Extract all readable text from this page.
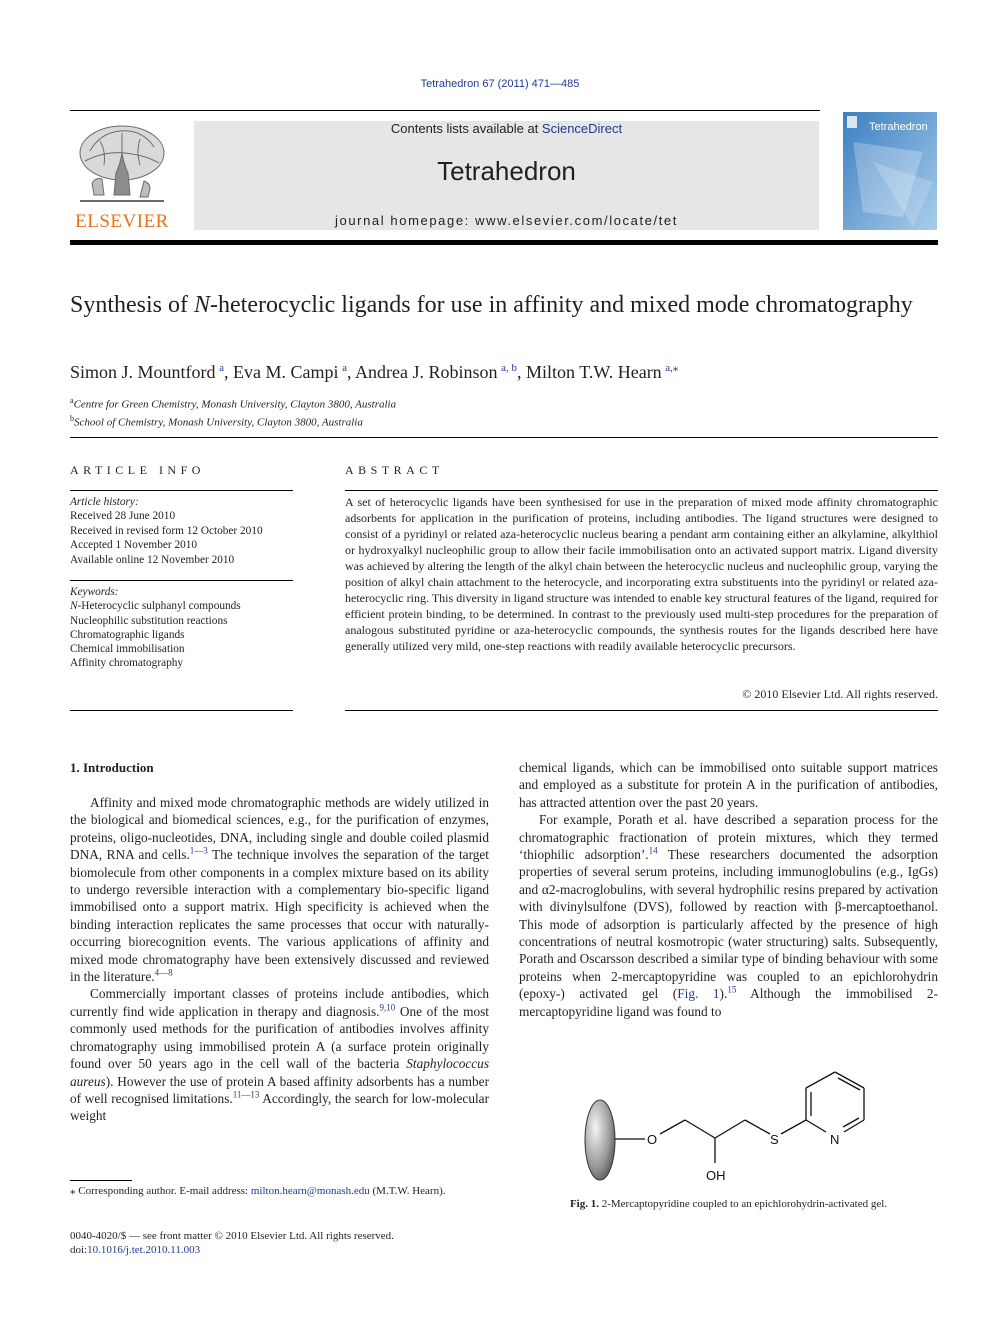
Tetrahedron 67 (2011) 471—485
ELSEVIER
Contents lists available at ScienceDirect
Tetrahedron
journal homepage: www.elsevier.com/locate/tet
Tetrahedron
Synthesis of N-heterocyclic ligands for use in affinity and mixed mode chromatography
Simon J. Mountford  $^a$, Eva M. Campi  $^a$, Andrea J. Robinson  $^{a, b}$, Milton T.W. Hearn  $^{a,⁎}$
$^a$Centre for Green Chemistry, Monash University, Clayton 3800, Australia
$^b$School of Chemistry, Monash University, Clayton 3800, Australia
ARTICLE INFO
Article history:
Received 28 June 2010
Received in revised form 12 October 2010
Accepted 1 November 2010
Available online 12 November 2010
Keywords:
N-Heterocyclic sulphanyl compounds
Nucleophilic substitution reactions
Chromatographic ligands
Chemical immobilisation
Affinity chromatography
ABSTRACT
A set of heterocyclic ligands have been synthesised for use in the preparation of mixed mode affinity chromatographic adsorbents for application in the purification of proteins, including antibodies. The ligand structures were designed to consist of a pyridinyl or related aza-heterocyclic nucleus bearing a pendant arm containing either an alkylamine, alkylthiol or hydroxyalkyl nucleophilic group to allow their facile immobilisation onto an activated support matrix. Ligand diversity was achieved by altering the length of the alkyl chain between the heterocyclic nucleus and nucleophilic group, varying the position of alkyl chain attachment to the heterocycle, and incorporating extra substituents into the pyridinyl or related aza-heterocyclic ring. This diversity in ligand structure was intended to enable key structural features of the ligand, required for efficient protein binding, to be determined. In contrast to the previously used multi-step procedures for the preparation of analogous substituted pyridine or aza-heterocyclic compounds, the synthesis routes for the ligands described here have generally utilized very mild, one-step reactions with readily available heterocyclic precursors.
© 2010 Elsevier Ltd. All rights reserved.
1. Introduction

Affinity and mixed mode chromatographic methods are widely utilized in the biological and biomedical sciences, e.g., for the purification of enzymes, proteins, oligo-nucleotides, DNA, including single and double coiled plasmid DNA, RNA and cells.$^{1—3}$ The technique involves the separation of the target biomolecule from other components in a complex mixture based on its ability to undergo reversible interaction with a complementary bio-specific ligand immobilised onto a support matrix. High specificity is achieved when the binding interaction replicates the same processes that occur with naturally-occurring biorecognition events. The various applications of affinity and mixed mode chromatography have been extensively discussed and reviewed in the literature.$^{4—8}$

Commercially important classes of proteins include antibodies, which currently find wide application in therapy and diagnosis.$^{9,10}$ One of the most commonly used methods for the purification of antibodies involves affinity chromatography using immobilised protein A (a surface protein originally found over 50 years ago in the cell wall of the bacteria Staphylococcus aureus). However the use of protein A based affinity adsorbents has a number of well recognised limitations.$^{11—13}$ Accordingly, the search for low-molecular weight

chemical ligands, which can be immobilised onto suitable support matrices and employed as a substitute for protein A in the purification of antibodies, has attracted attention over the past 20 years.

For example, Porath et al. have described a separation process for the chromatographic fractionation of protein mixtures, which they termed ‘thiophilic adsorption’.$^{14}$ These researchers documented the adsorption properties of several serum proteins, including immunoglobulins (e.g., IgGs) and α2-macroglobulins, with several hydrophilic resins prepared by activation with divinylsulfone (DVS), followed by reaction with β-mercaptoethanol. This mode of adsorption is particularly affected by the presence of high concentrations of neutral kosmotropic (water structuring) salts. Subsequently, Porath and Oscarsson described a similar type of binding behaviour with some proteins when 2-mercaptopyridine was coupled to an epichlorohydrin (epoxy-) activated gel (Fig. 1).$^{15}$ Although the immobilised 2-mercaptopyridine ligand was found to

O	S	N
OH
Fig. 1. 2-Mercaptopyridine coupled to an epichlorohydrin-activated gel.
⁎ Corresponding author. E-mail address: milton.hearn@monash.edu (M.T.W. Hearn).
0040-4020/$ — see front matter © 2010 Elsevier Ltd. All rights reserved.
doi:10.1016/j.tet.2010.11.003
